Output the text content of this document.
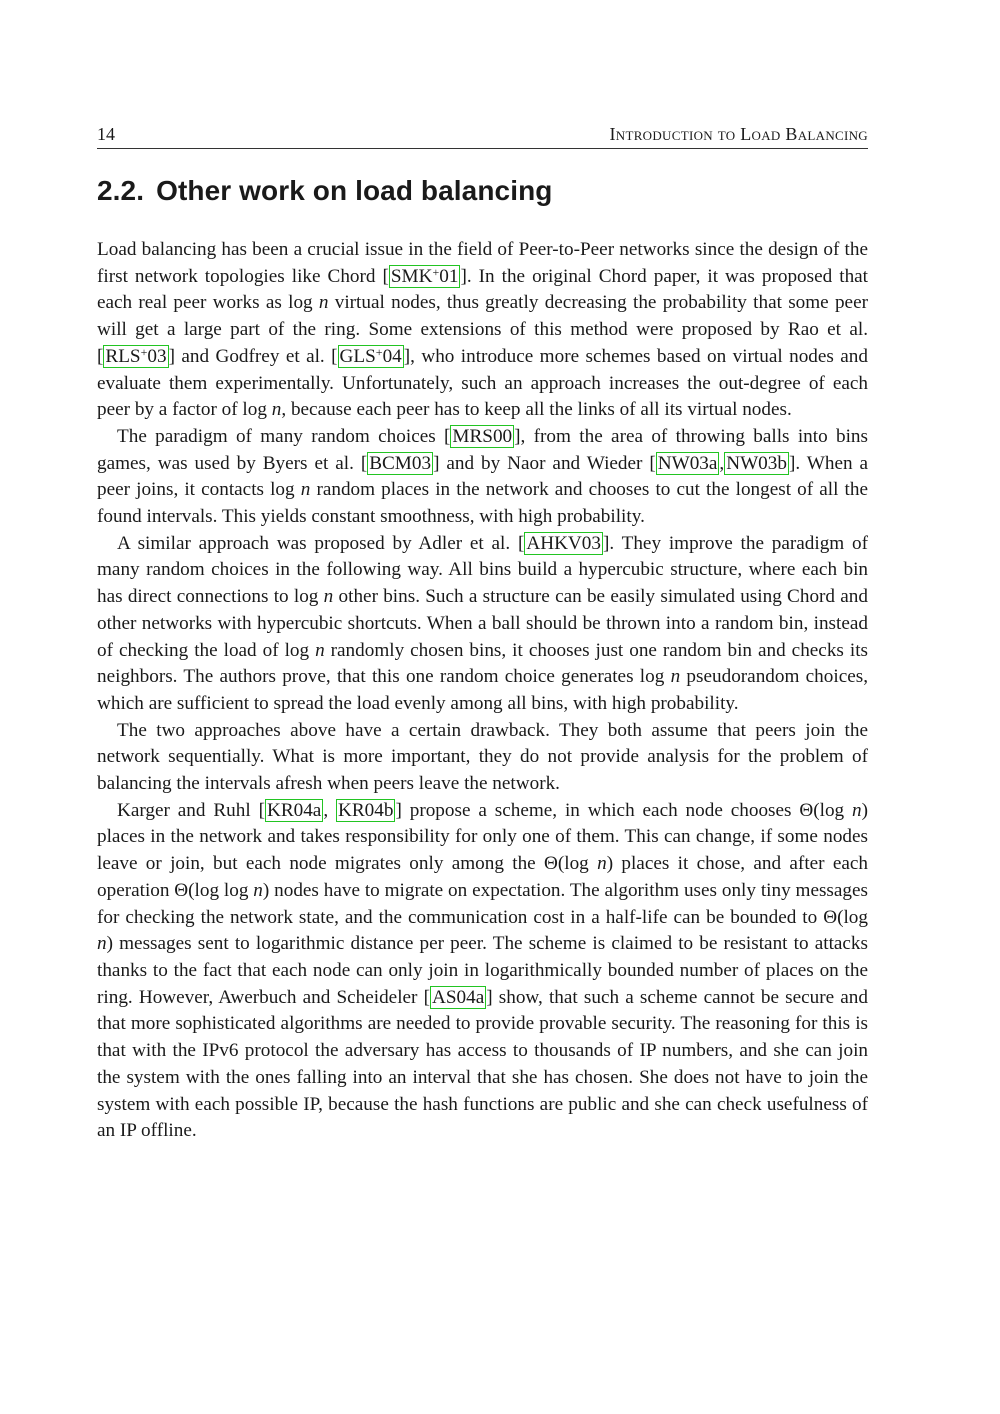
14	Introduction to Load Balancing
2.2. Other work on load balancing

Load balancing has been a crucial issue in the field of Peer-to-Peer networks since the design of the first network topologies like Chord [ SMK+01 ]. In the original Chord paper, it was proposed that each real peer works as log n virtual nodes, thus greatly decreasing the probability that some peer will get a large part of the ring. Some extensions of this method were proposed by Rao et al. [ RLS+03 ] and Godfrey et al. [ GLS+04 ], who introduce more schemes based on virtual nodes and evaluate them experimentally. Unfortunately, such an approach increases the out-degree of each peer by a factor of log n, because each peer has to keep all the links of all its virtual nodes.

The paradigm of many random choices [ MRS00 ], from the area of throwing balls into bins games, was used by Byers et al. [ BCM03 ] and by Naor and Wieder [ NW03a , NW03b ]. When a peer joins, it contacts log n random places in the network and chooses to cut the longest of all the found intervals. This yields constant smoothness, with high probability.

A similar approach was proposed by Adler et al. [ AHKV03 ]. They improve the paradigm of many random choices in the following way. All bins build a hypercubic structure, where each bin has direct connections to log n other bins. Such a structure can be easily simulated using Chord and other networks with hypercubic shortcuts. When a ball should be thrown into a random bin, instead of checking the load of log n randomly chosen bins, it chooses just one random bin and checks its neighbors. The authors prove, that this one random choice generates log n pseudorandom choices, which are sufficient to spread the load evenly among all bins, with high probability.

The two approaches above have a certain drawback. They both assume that peers join the network sequentially. What is more important, they do not provide analysis for the problem of balancing the intervals afresh when peers leave the network.

Karger and Ruhl [ KR04a , KR04b ] propose a scheme, in which each node chooses Θ(log n) places in the network and takes responsibility for only one of them. This can change, if some nodes leave or join, but each node migrates only among the Θ(log n) places it chose, and after each operation Θ(log log n) nodes have to migrate on expectation. The algorithm uses only tiny messages for checking the network state, and the communication cost in a half-life can be bounded to Θ(log n) messages sent to logarithmic distance per peer. The scheme is claimed to be resistant to attacks thanks to the fact that each node can only join in logarithmically bounded number of places on the ring. However, Awerbuch and Scheideler [ AS04a ] show, that such a scheme cannot be secure and that more sophisticated algorithms are needed to provide provable security. The reasoning for this is that with the IPv6 protocol the adversary has access to thousands of IP numbers, and she can join the system with the ones falling into an interval that she has chosen. She does not have to join the system with each possible IP, because the hash functions are public and she can check usefulness of an IP offline.
